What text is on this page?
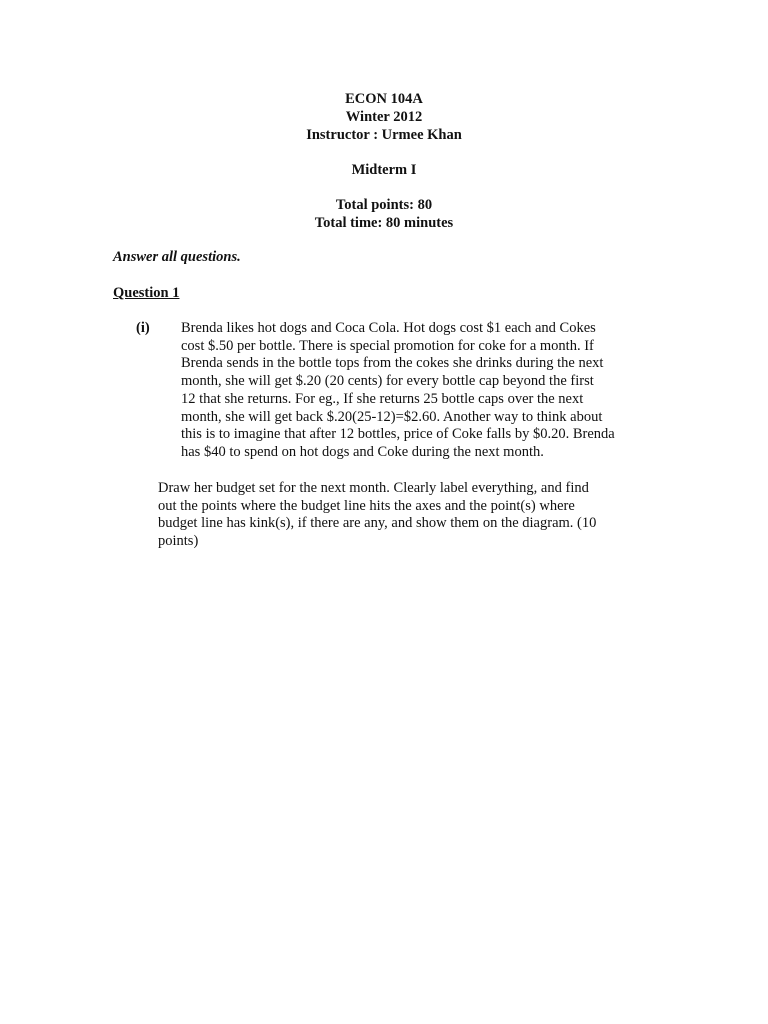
ECON 104A
Winter 2012
Instructor : Urmee Khan
Midterm I
Total points: 80
Total time: 80 minutes
Answer all questions.
Question 1
(i) Brenda likes hot dogs and Coca Cola. Hot dogs cost $1 each and Cokes
cost $.50 per bottle. There is special promotion for coke for a month. If
Brenda sends in the bottle tops from the cokes she drinks during the next
month, she will get $.20 (20 cents) for every bottle cap beyond the first
12 that she returns. For eg., If she returns 25 bottle caps over the next
month, she will get back $.20(25-12)=$2.60. Another way to think about
this is to imagine that after 12 bottles, price of Coke falls by $0.20. Brenda
has $40 to spend on hot dogs and Coke during the next month.
Draw her budget set for the next month. Clearly label everything, and find
out the points where the budget line hits the axes and the point(s) where
budget line has kink(s), if there are any, and show them on the diagram. (10
points)
